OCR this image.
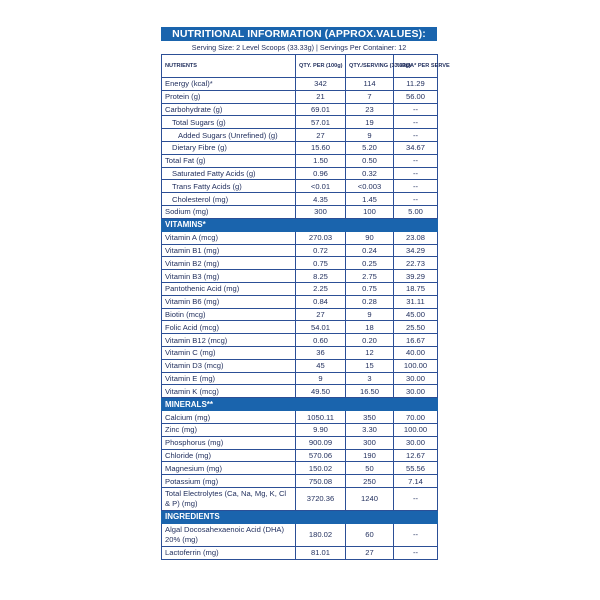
NUTRITIONAL INFORMATION (APPROX.VALUES):
Serving Size: 2 Level Scoops (33.33g) | Servings Per Container: 12
NUTRIENTS	QTY. PER (100g)	QTY./SERVING (33.33g)	%RDA* PER SERVE
Energy (kcal)*	342	114	11.29
Protein (g)	21	7	56.00
Carbohydrate (g)	69.01	23	--
Total Sugars (g)	57.01	19	--
Added Sugars (Unrefined) (g)	27	9	--
Dietary Fibre (g)	15.60	5.20	34.67
Total Fat (g)	1.50	0.50	--
Saturated Fatty Acids (g)	0.96	0.32	--
Trans Fatty Acids (g)	<0.01	<0.003	--
Cholesterol (mg)	4.35	1.45	--
Sodium (mg)	300	100	5.00
VITAMINS*			
Vitamin A (mcg)	270.03	90	23.08
Vitamin B1 (mg)	0.72	0.24	34.29
Vitamin B2 (mg)	0.75	0.25	22.73
Vitamin B3 (mg)	8.25	2.75	39.29
Pantothenic Acid (mg)	2.25	0.75	18.75
Vitamin B6 (mg)	0.84	0.28	31.11
Biotin (mcg)	27	9	45.00
Folic Acid (mcg)	54.01	18	25.50
Vitamin B12 (mcg)	0.60	0.20	16.67
Vitamin C (mg)	36	12	40.00
Vitamin D3 (mcg)	45	15	100.00
Vitamin E (mg)	9	3	30.00
Vitamin K (mcg)	49.50	16.50	30.00
MINERALS**			
Calcium (mg)	1050.11	350	70.00
Zinc (mg)	9.90	3.30	100.00
Phosphorus (mg)	900.09	300	30.00
Chloride (mg)	570.06	190	12.67
Magnesium (mg)	150.02	50	55.56
Potassium (mg)	750.08	250	7.14
Total Electrolytes (Ca, Na, Mg, K, Cl & P) (mg)	3720.36	1240	--
INGREDIENTS			
Algal Docosahexaenoic Acid (DHA) 20% (mg)	180.02	60	--
Lactoferrin (mg)	81.01	27	--
